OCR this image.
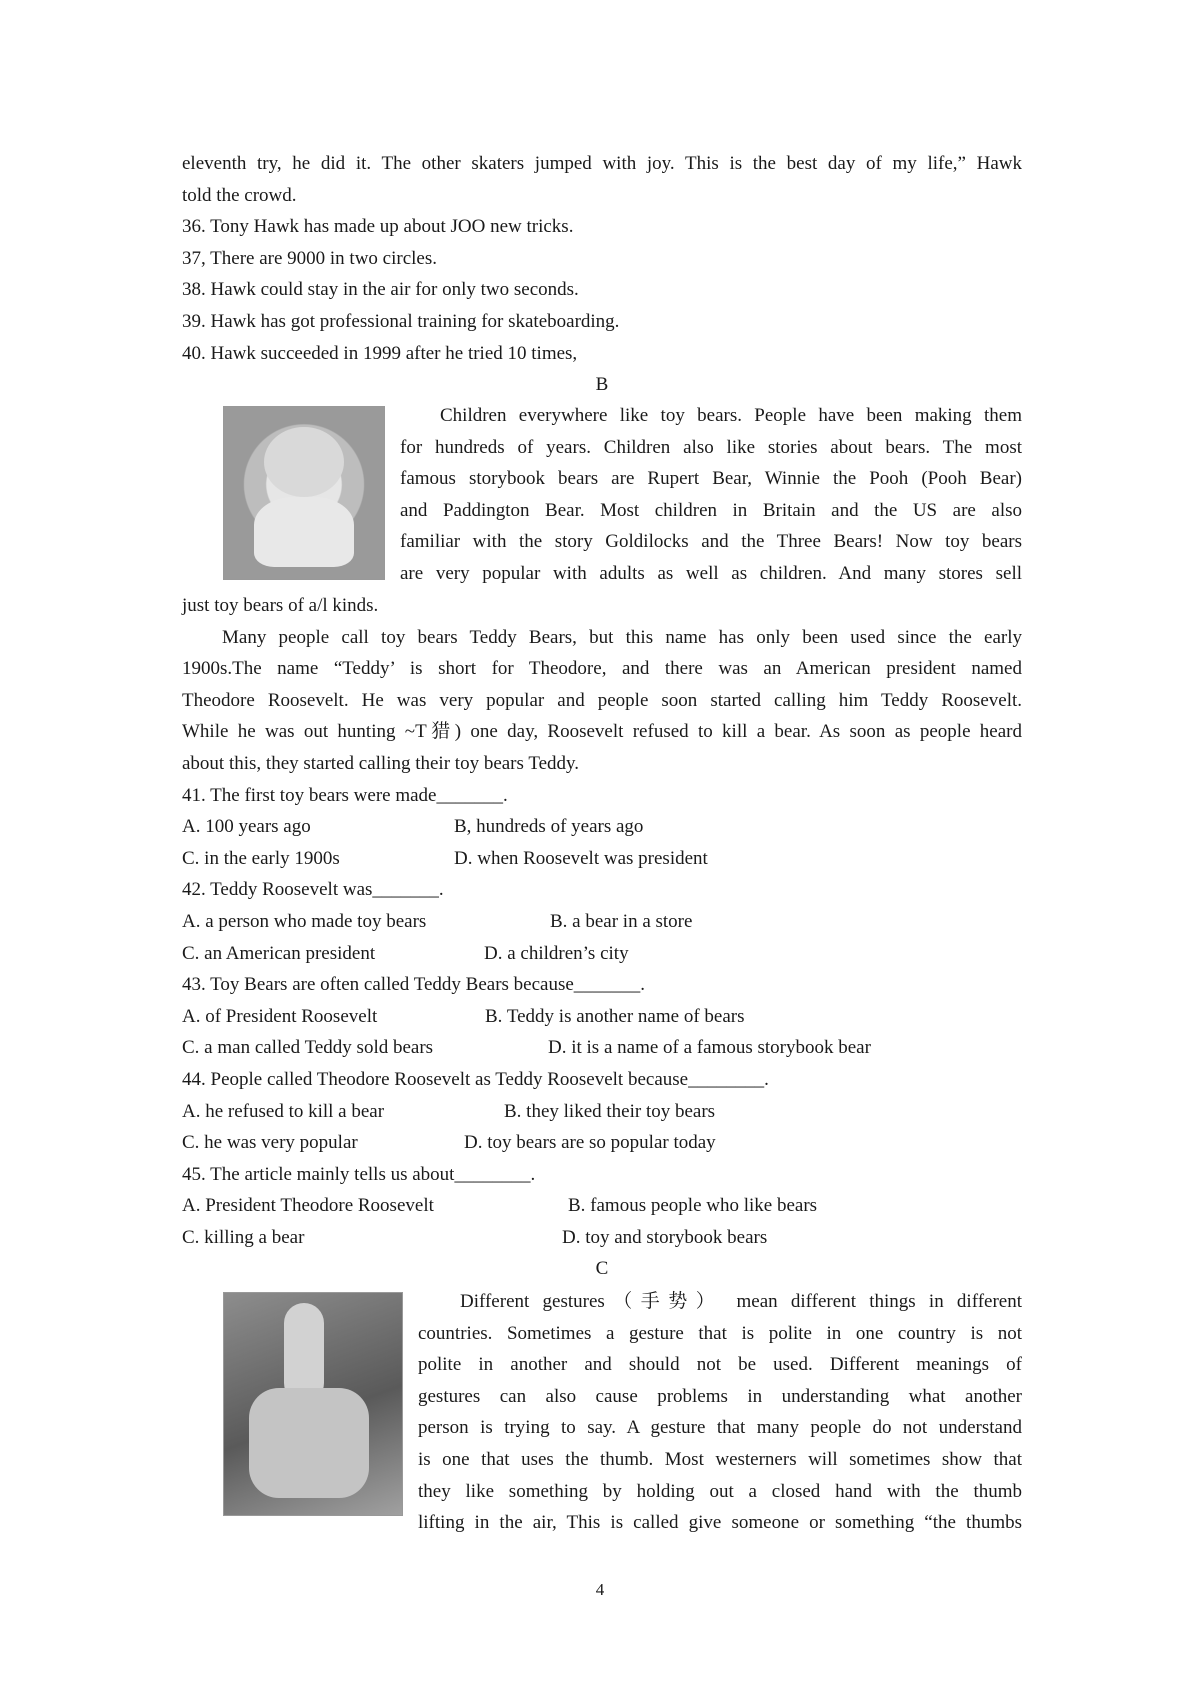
eleventh try, he did it. The other skaters jumped with joy. This is the best day of my life,” Hawk
told the crowd.
36. Tony Hawk has made up about JOO new tricks.
37, There are 9000 in two circles.
38. Hawk could stay in the air for only two seconds.
39. Hawk has got professional training for skateboarding.
40. Hawk succeeded in 1999 after he tried 10 times,
B
Children everywhere like toy bears. People have been making them
for hundreds of years. Children also like stories about bears. The most
famous storybook bears are Rupert Bear, Winnie the Pooh (Pooh Bear)
and Paddington Bear. Most children in Britain and the US are also
familiar with the story Goldilocks and the Three Bears! Now toy bears
are very popular with adults as well as children. And many stores sell
just toy bears of a/l kinds.
Many people call toy bears Teddy Bears, but this name has only been used since the early
1900s.The name “Teddy’ is short for Theodore, and there was an American president named
Theodore Roosevelt. He was very popular and people soon started calling him Teddy Roosevelt.
While he was out hunting ~T猎) one day, Roosevelt refused to kill a bear. As soon as people heard
about this, they started calling their toy bears Teddy.
41. The first toy bears were made_______.
A. 100 years ago	B, hundreds of years ago
C. in the early 1900s	D. when Roosevelt was president
42. Teddy Roosevelt was_______.
A. a person who made toy bears	B. a bear in a store
C. an American president	D. a children’s city
43. Toy Bears are often called Teddy Bears because_______.
A. of President Roosevelt	B. Teddy is another name of bears
C. a man called Teddy sold bears	D. it is a name of a famous storybook bear
44. People called Theodore Roosevelt as Teddy Roosevelt because________.
A. he refused to kill a bear	B. they liked their toy bears
C. he was very popular	D. toy bears are so popular today
45. The article mainly tells us about________.
A. President Theodore Roosevelt	B. famous people who like bears
C. killing a bear	D. toy and storybook bears
C
Different gestures（手势） mean different things in different
countries. Sometimes a gesture that is polite in one country is not
polite in another and should not be used. Different meanings of
gestures can also cause problems in understanding what another
person is trying to say. A gesture that many people do not understand
is one that uses the thumb. Most westerners will sometimes show that
they like something by holding out a closed hand with the thumb
lifting in the air, This is called give someone or something “the thumbs
4
